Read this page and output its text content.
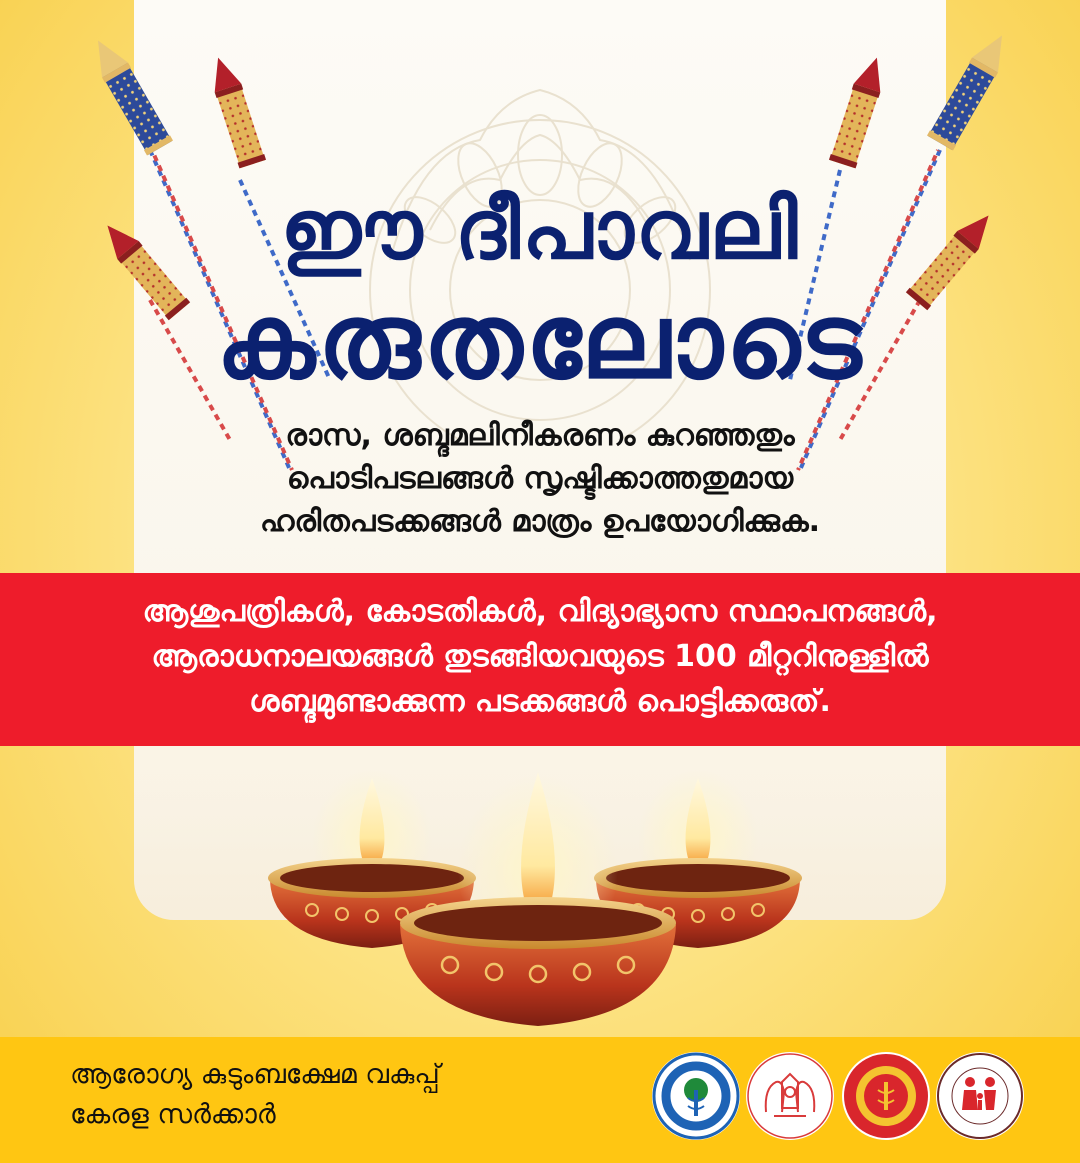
ഈ ദീപാവലി
കരുതലോടെ
രാസ, ശബ്ദമലിനീകരണം കുറഞ്ഞതും
പൊടിപടലങ്ങൾ സൃഷ്ടിക്കാത്തതുമായ
ഹരിതപടക്കങ്ങൾ മാത്രം ഉപയോഗിക്കുക.
ആശുപത്രികൾ, കോടതികൾ, വിദ്യാഭ്യാസ സ്ഥാപനങ്ങൾ,
ആരാധനാലയങ്ങൾ തുടങ്ങിയവയുടെ 100 മീറ്ററിനുള്ളിൽ
ശബ്ദമുണ്ടാക്കുന്ന പടക്കങ്ങൾ പൊട്ടിക്കരുത്.
ആരോഗ്യ കുടുംബക്ഷേമ വകുപ്പ്
കേരള സർക്കാർ
